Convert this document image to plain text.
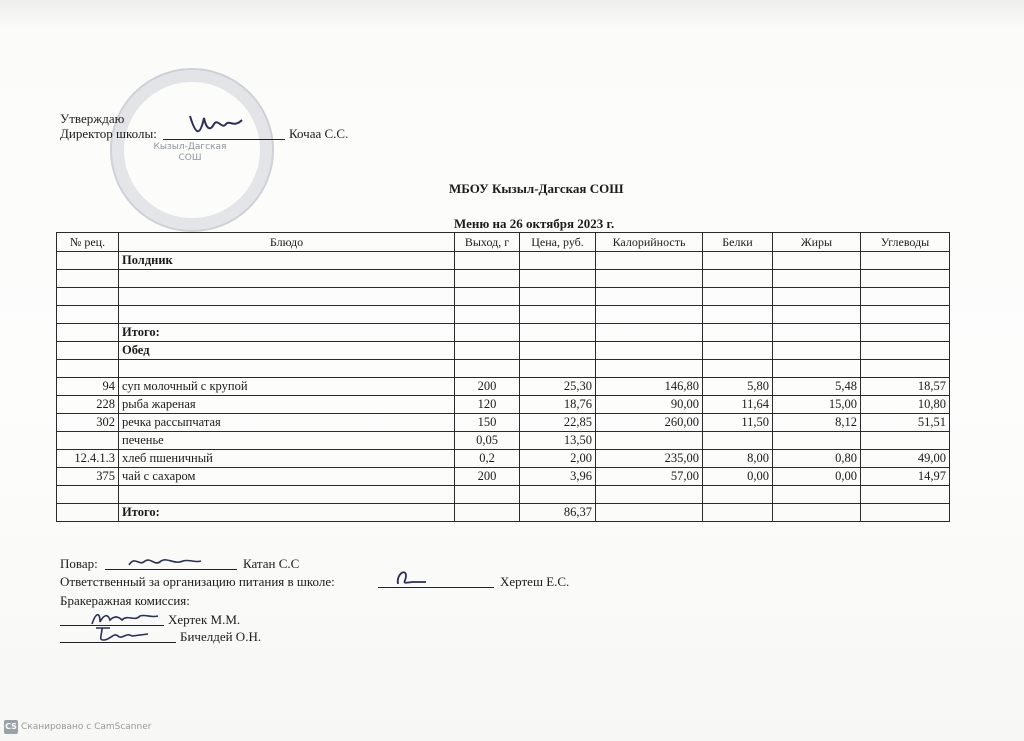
Кызыл-Дагская
СОШ
Утверждаю
Директор школы:	Кочаа С.С.
МБОУ Кызыл-Дагская СОШ
Меню на 26 октября 2023 г.
№ рец.	Блюдо	Выход, г	Цена, руб.	Калорийность	Белки	Жиры	Углеводы
	Полдник						

	Итого:						
	Обед						

94	суп молочный с крупой	200	25,30	146,80	5,80	5,48	18,57
228	рыба жареная	120	18,76	90,00	11,64	15,00	10,80
302	речка рассыпчатая	150	22,85	260,00	11,50	8,12	51,51
	печенье	0,05	13,50				
12.4.1.3	хлеб пшеничный	0,2	2,00	235,00	8,00	0,80	49,00
375	чай с сахаром	200	3,96	57,00	0,00	0,00	14,97

	Итого:		86,37				
Повар:	Катан С.С
Ответственный за организацию питания в школе:	Хертеш Е.С.
Бракеражная комиссия:
Хертек М.М.
Бичелдей О.Н.
CS Сканировано с CamScanner
